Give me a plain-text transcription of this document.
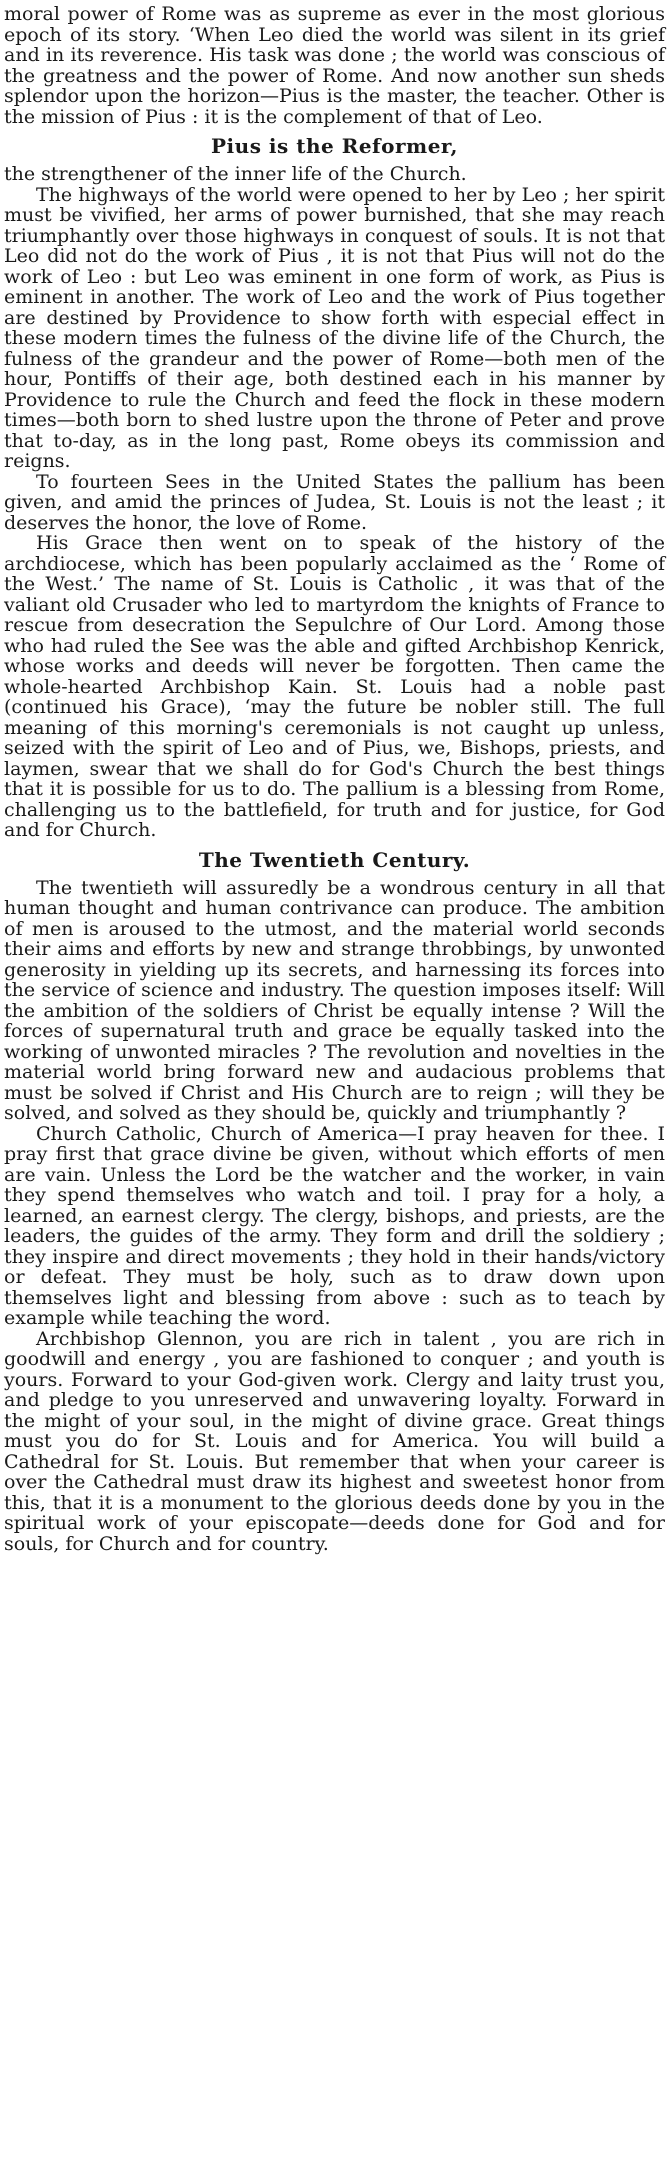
moral power of Rome was as supreme as ever in the most glorious epoch of its story. ‘When Leo died the world was silent in its grief and in its reverence. His task was done ; the world was conscious of the greatness and the power of Rome. And now another sun sheds splendor upon the horizon—Pius is the master, the teacher. Other is the mission of Pius : it is the complement of that of Leo.

Pius is the Reformer,

the strengthener of the inner life of the Church.

The highways of the world were opened to her by Leo ; her spirit must be vivified, her arms of power burnished, that she may reach triumphantly over those highways in conquest of souls. It is not that Leo did not do the work of Pius , it is not that Pius will not do the work of Leo : but Leo was eminent in one form of work, as Pius is eminent in another. The work of Leo and the work of Pius together are destined by Providence to show forth with especial effect in these modern times the fulness of the divine life of the Church, the fulness of the grandeur and the power of Rome—both men of the hour, Pontiffs of their age, both destined each in his manner by Providence to rule the Church and feed the flock in these modern times—both born to shed lustre upon the throne of Peter and prove that to-day, as in the long past, Rome obeys its commission and reigns.

To fourteen Sees in the United States the pallium has been given, and amid the princes of Judea, St. Louis is not the least ; it deserves the honor, the love of Rome.

His Grace then went on to speak of the history of the archdiocese, which has been popularly acclaimed as the ‘ Rome of the West.’ The name of St. Louis is Catholic , it was that of the valiant old Crusader who led to martyrdom the knights of France to rescue from desecration the Sepulchre of Our Lord. Among those who had ruled the See was the able and gifted Archbishop Kenrick, whose works and deeds will never be forgotten. Then came the whole-hearted Archbishop Kain. St. Louis had a noble past (continued his Grace), ‘may the future be nobler still. The full meaning of this morning's ceremonials is not caught up unless, seized with the spirit of Leo and of Pius, we, Bishops, priests, and laymen, swear that we shall do for God's Church the best things that it is possible for us to do. The pallium is a blessing from Rome, challenging us to the battlefield, for truth and for justice, for God and for Church.

The Twentieth Century.

The twentieth will assuredly be a wondrous century in all that human thought and human contrivance can produce. The ambition of men is aroused to the utmost, and the material world seconds their aims and efforts by new and strange throbbings, by unwonted generosity in yielding up its secrets, and harnessing its forces into the service of science and industry. The question imposes itself: Will the ambition of the soldiers of Christ be equally intense ? Will the forces of supernatural truth and grace be equally tasked into the working of unwonted miracles ? The revolution and novelties in the material world bring forward new and audacious problems that must be solved if Christ and His Church are to reign ; will they be solved, and solved as they should be, quickly and triumphantly ?

Church Catholic, Church of America—I pray heaven for thee. I pray first that grace divine be given, without which efforts of men are vain. Unless the Lord be the watcher and the worker, in vain they spend themselves who watch and toil. I pray for a holy, a learned, an earnest clergy. The clergy, bishops, and priests, are the leaders, the guides of the army. They form and drill the soldiery ; they inspire and direct movements ; they hold in their hands/victory or defeat. They must be holy, such as to draw down upon themselves light and blessing from above : such as to teach by example while teaching the word.

Archbishop Glennon, you are rich in talent , you are rich in goodwill and energy , you are fashioned to conquer ; and youth is yours. Forward to your God-given work. Clergy and laity trust you, and pledge to you unreserved and unwavering loyalty. Forward in the might of your soul, in the might of divine grace. Great things must you do for St. Louis and for America. You will build a Cathedral for St. Louis. But remember that when your career is over the Cathedral must draw its highest and sweetest honor from this, that it is a monument to the glorious deeds done by you in the spiritual work of your episcopate—deeds done for God and for souls, for Church and for country.
